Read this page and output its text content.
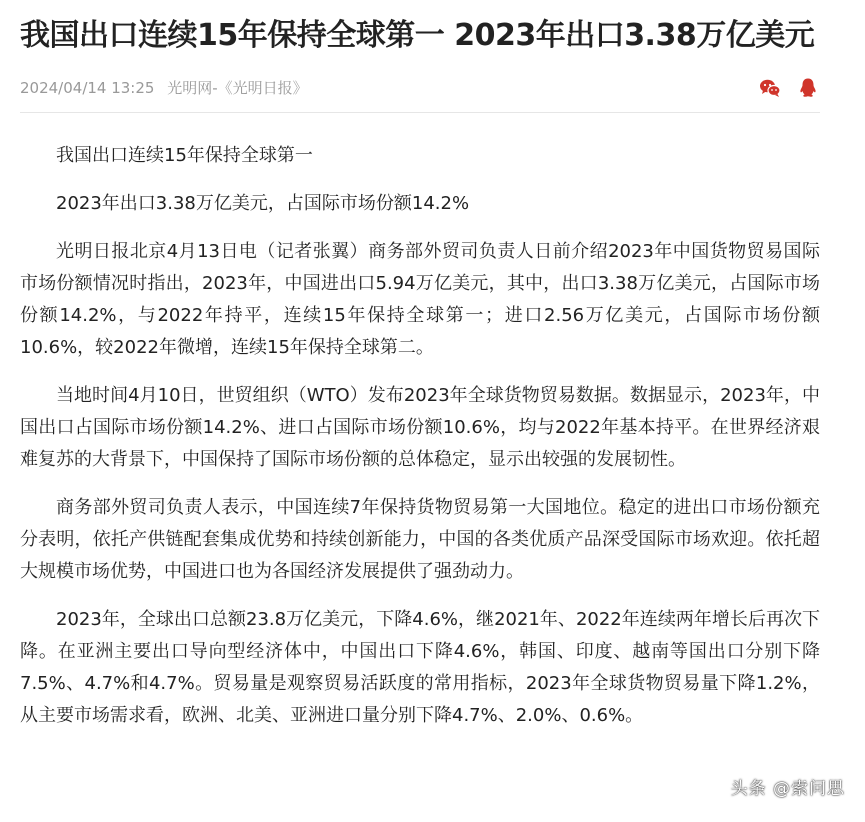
我国出口连续15年保持全球第一 2023年出口3.38万亿美元
2024/04/14 13:25 光明网-《光明日报》

我国出口连续15年保持全球第一

2023年出口3.38万亿美元，占国际市场份额14.2%

光明日报北京4月13日电（记者张翼）商务部外贸司负责人日前介绍2023年中国货物贸易国际市场份额情况时指出，2023年，中国进出口5.94万亿美元，其中，出口3.38万亿美元，占国际市场份额14.2%，与2022年持平，连续15年保持全球第一；进口2.56万亿美元，占国际市场份额10.6%，较2022年微增，连续15年保持全球第二。

当地时间4月10日，世贸组织（WTO）发布2023年全球货物贸易数据。数据显示，2023年，中国出口占国际市场份额14.2%、进口占国际市场份额10.6%，均与2022年基本持平。在世界经济艰难复苏的大背景下，中国保持了国际市场份额的总体稳定，显示出较强的发展韧性。

商务部外贸司负责人表示，中国连续7年保持货物贸易第一大国地位。稳定的进出口市场份额充分表明，依托产供链配套集成优势和持续创新能力，中国的各类优质产品深受国际市场欢迎。依托超大规模市场优势，中国进口也为各国经济发展提供了强劲动力。

2023年，全球出口总额23.8万亿美元，下降4.6%，继2021年、2022年连续两年增长后再次下降。在亚洲主要出口导向型经济体中，中国出口下降4.6%，韩国、印度、越南等国出口分别下降7.5%、4.7%和4.7%。贸易量是观察贸易活跃度的常用指标，2023年全球货物贸易量下降1.2%，从主要市场需求看，欧洲、北美、亚洲进口量分别下降4.7%、2.0%、0.6%。

头条 @索问思
